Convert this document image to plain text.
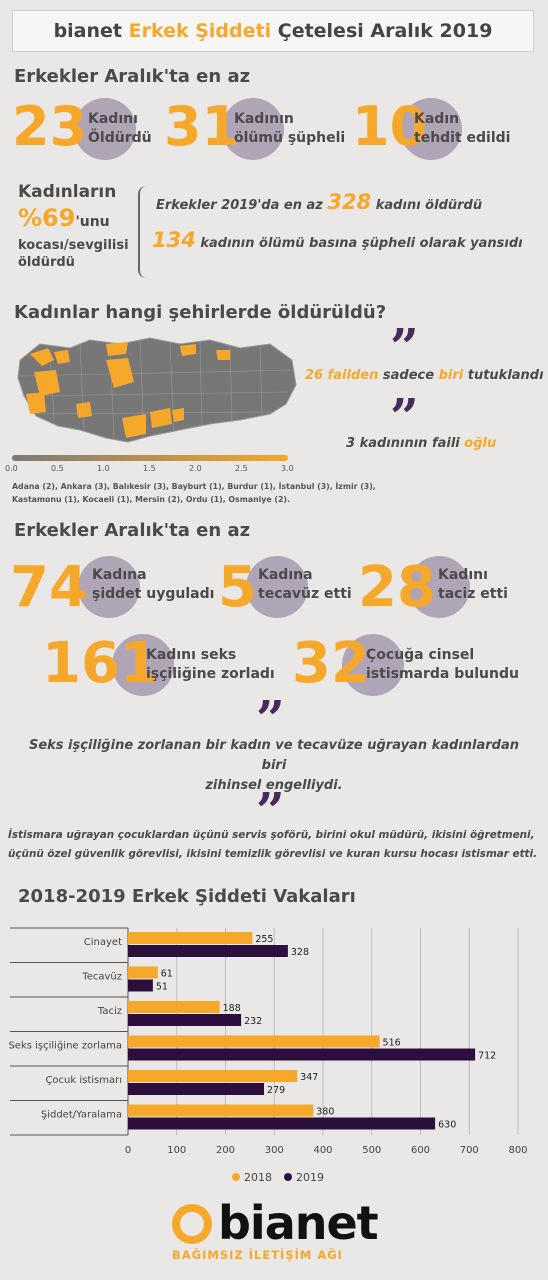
bianet Erkek Şiddeti Çetelesi Aralık 2019
Erkekler Aralık't​a en az
23 Kadını
Öldürdü 31
Kadının
ölümü şüpheli 10
Kadın
tehdit edildi
Kadınların
%69'unu
kocası/sevgilisi
öldürdü
Erkekler 2019'da en az 328 kadını öldürdü
134 kadının ölümü basına şüpheli olarak yansıdı
Kadınlar hangi şehirlerde öldürüldü?
0.0	0.5	1.0	1.5	2.0	2.5	3.0
Adana (2), Ankara (3), Balıkesir (3), Bayburt (1), Burdur (1), İstanbul (3), İzmir (3),
Kastamonu (1), Kocaeli (1), Mersin (2), Ordu (1), Osmaniye (2).
”
26 failden sadece biri tutuklandı
”
3 kadınının faili oğlu
Erkekler Aralık't​a en az
74 Kadına
şiddet uyguladı 5 Kadına
tecavüz etti 28 Kadını
taciz etti
161
Kadını seks
işçiliğine zorladı 32
Çocuğa cinsel
istismarda bulundu
”
Seks işçiliğine zorlanan bir kadın ve tecavüze uğrayan kadınlardan biri
zihinsel engelliydi.
”
İstismara uğrayan çocuklardan üçünü servis şoförü, birini okul müdürü, ikisini öğretmeni,
üçünü özel güvenlik görevlisi, ikisini temizlik görevlisi ve kuran kursu hocası istismar etti.
2018-2019 Erkek Şiddeti Vakaları
0	100	200	300	400	500	600	700	800
Cinayet	255
328
Tecavüz	61
51
Taciz	188
232
Seks işçiliğine zorlama	516
712
Çocuk istismarı	347
279
Şiddet/Yaralama	380
630
2018 2019
bianet
BAĞIMSIZ İLETİŞİM AĞI
